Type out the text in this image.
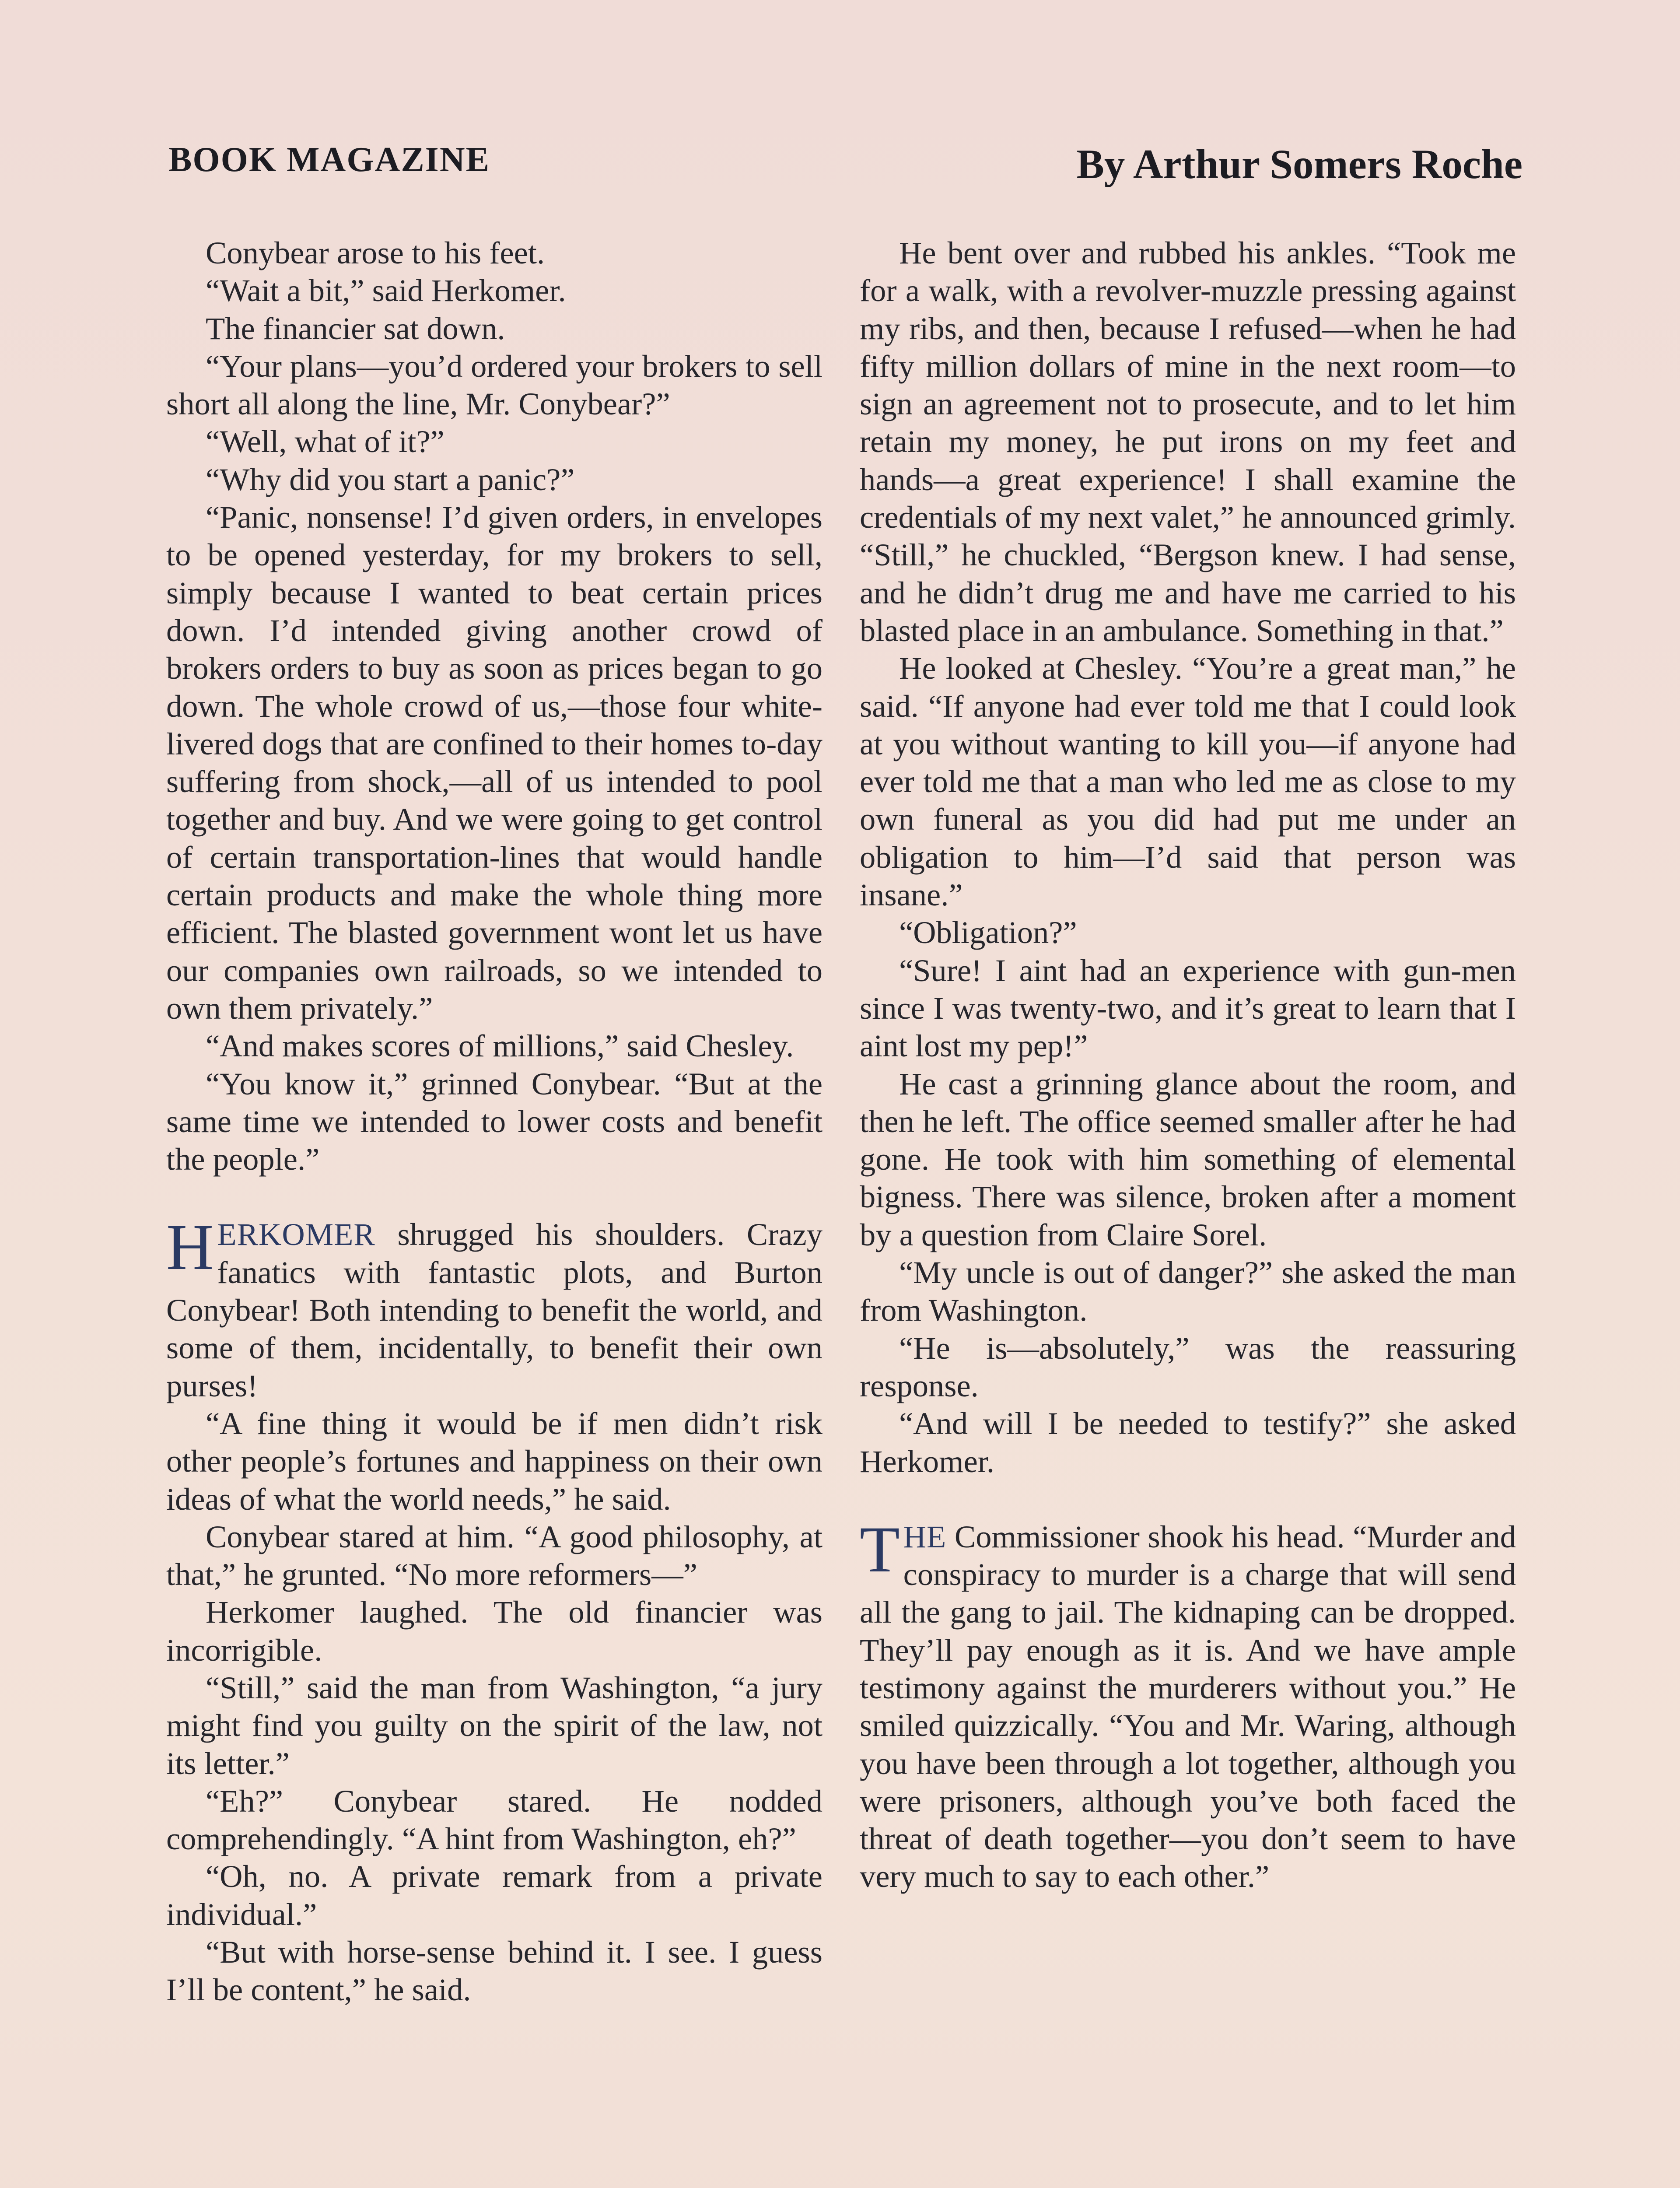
BOOK MAGAZINE	By Arthur Somers Roche

Conybear arose to his feet.

“Wait a bit,” said Herkomer.

The financier sat down.

“Your plans—you’d ordered your brokers to sell short all along the line, Mr. Conybear?”

“Well, what of it?”

“Why did you start a panic?”

“Panic, nonsense! I’d given orders, in envelopes to be opened yesterday, for my brokers to sell, simply because I wanted to beat certain prices down. I’d intended giving another crowd of brokers orders to buy as soon as prices began to go down. The whole crowd of us,—those four white-livered dogs that are confined to their homes to-day suffering from shock,—all of us intended to pool together and buy. And we were going to get control of certain transportation-lines that would handle certain products and make the whole thing more efficient. The blasted government wont let us have our companies own railroads, so we intended to own them privately.”

“And makes scores of millions,” said Chesley.

“You know it,” grinned Conybear. “But at the same time we intended to lower costs and benefit the people.”

HERKOMER shrugged his shoulders. Crazy fanatics with fantastic plots, and Burton Conybear! Both intending to benefit the world, and some of them, incidentally, to benefit their own purses!

“A fine thing it would be if men didn’t risk other people’s fortunes and happiness on their own ideas of what the world needs,” he said.

Conybear stared at him. “A good philosophy, at that,” he grunted. “No more reformers—”

Herkomer laughed. The old financier was incorrigible.

“Still,” said the man from Washington, “a jury might find you guilty on the spirit of the law, not its letter.”

“Eh?” Conybear stared. He nodded comprehendingly. “A hint from Washington, eh?”

“Oh, no. A private remark from a private individual.”

“But with horse-sense behind it. I see. I guess I’ll be content,” he said.

He bent over and rubbed his ankles. “Took me for a walk, with a revolver-muzzle pressing against my ribs, and then, because I refused—when he had fifty million dollars of mine in the next room—to sign an agreement not to prosecute, and to let him retain my money, he put irons on my feet and hands—a great experience! I shall examine the credentials of my next valet,” he announced grimly. “Still,” he chuckled, “Bergson knew. I had sense, and he didn’t drug me and have me carried to his blasted place in an ambulance. Something in that.”

He looked at Chesley. “You’re a great man,” he said. “If anyone had ever told me that I could look at you without wanting to kill you—if anyone had ever told me that a man who led me as close to my own funeral as you did had put me under an obligation to him—I’d said that person was insane.”

“Obligation?”

“Sure! I aint had an experience with gun-men since I was twenty-two, and it’s great to learn that I aint lost my pep!”

He cast a grinning glance about the room, and then he left. The office seemed smaller after he had gone. He took with him something of elemental bigness. There was silence, broken after a moment by a question from Claire Sorel.

“My uncle is out of danger?” she asked the man from Washington.

“He is—absolutely,” was the reassuring response.

“And will I be needed to testify?” she asked Herkomer.

THE Commissioner shook his head. “Murder and conspiracy to murder is a charge that will send all the gang to jail. The kidnaping can be dropped. They’ll pay enough as it is. And we have ample testimony against the murderers without you.” He smiled quizzically. “You and Mr. Waring, although you have been through a lot together, although you were prisoners, although you’ve both faced the threat of death together—you don’t seem to have very much to say to each other.”
